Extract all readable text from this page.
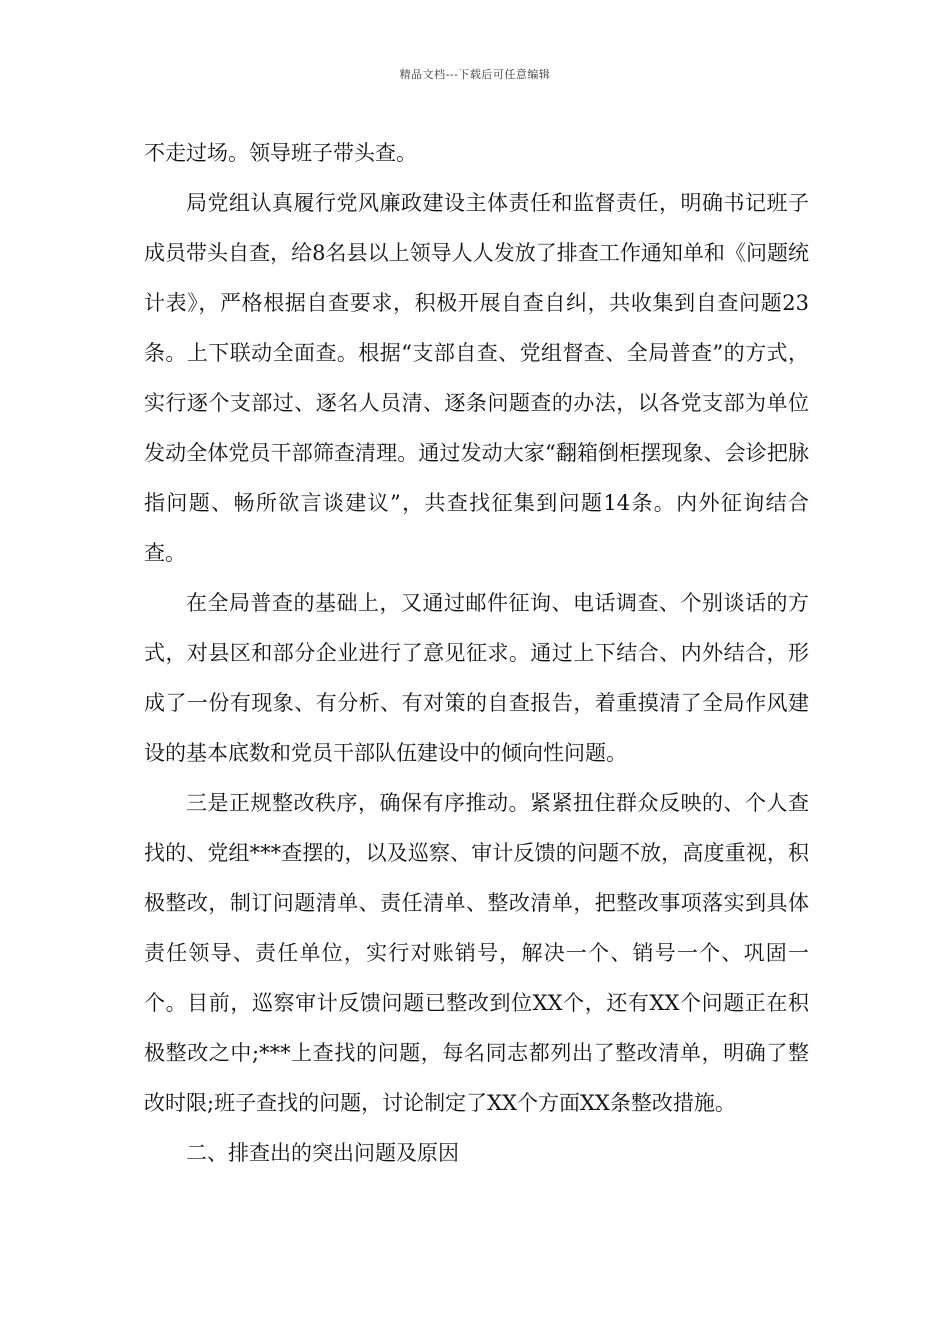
精品文档---下载后可任意编辑

不走过场。领导班子带头查。

局党组认真履行党风廉政建设主体责任和监督责任，明确书记班子成员带头自查，给8名县以上领导人人发放了排查工作通知单和《问题统计表》，严格根据自查要求，积极开展自查自纠，共收集到自查问题23条。上下联动全面查。根据“支部自查、党组督查、全局普查”的方式，实行逐个支部过、逐名人员清、逐条问题查的办法，以各党支部为单位发动全体党员干部筛查清理。通过发动大家“翻箱倒柜摆现象、会诊把脉指问题、畅所欲言谈建议”，共查找征集到问题14条。内外征询结合查。

在全局普查的基础上，又通过邮件征询、电话调查、个别谈话的方式，对县区和部分企业进行了意见征求。通过上下结合、内外结合，形成了一份有现象、有分析、有对策的自查报告，着重摸清了全局作风建设的基本底数和党员干部队伍建设中的倾向性问题。

三是正规整改秩序，确保有序推动。紧紧扭住群众反映的、个人查找的、党组***查摆的，以及巡察、审计反馈的问题不放，高度重视，积极整改，制订问题清单、责任清单、整改清单，把整改事项落实到具体责任领导、责任单位，实行对账销号，解决一个、销号一个、巩固一个。目前，巡察审计反馈问题已整改到位XX个，还有XX个问题正在积极整改之中;***上查找的问题，每名同志都列出了整改清单，明确了整改时限;班子查找的问题，讨论制定了XX个方面XX条整改措施。

二、排查出的突出问题及原因
